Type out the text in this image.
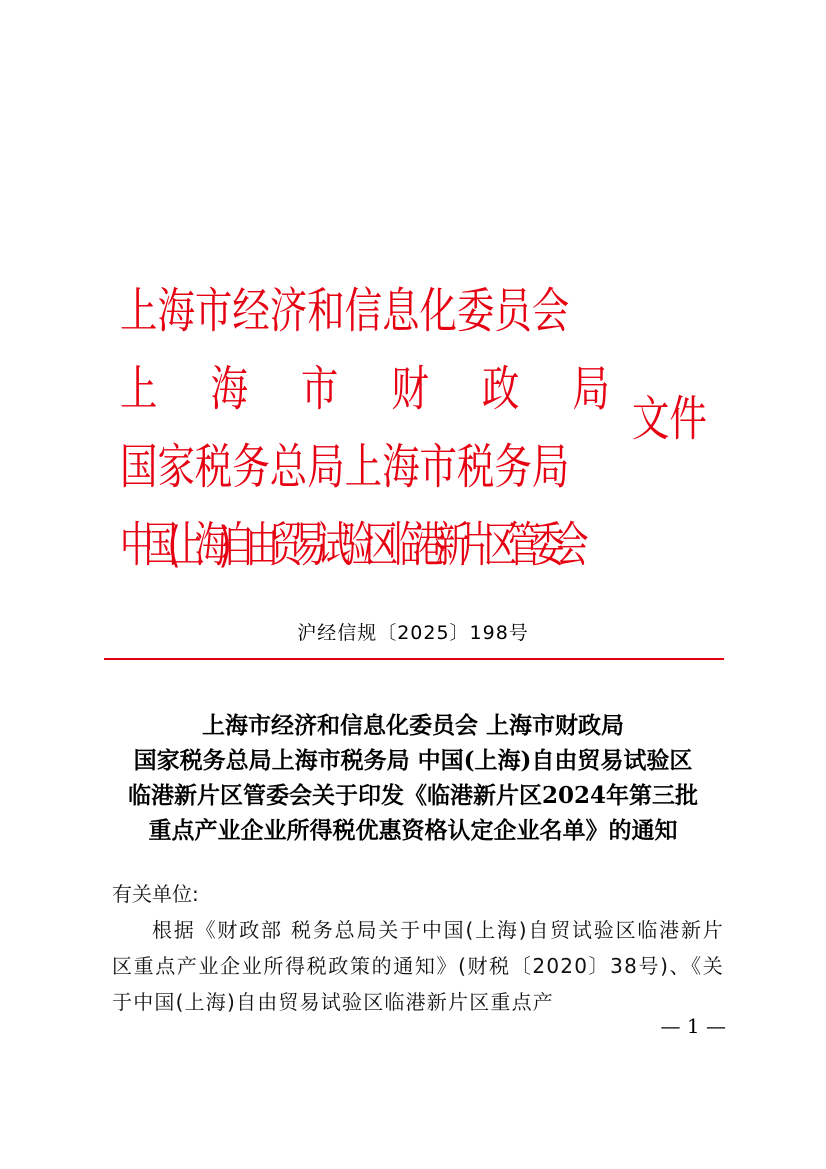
上海市经济和信息化委员会
上 海 市 财 政 局
国家税务总局上海市税务局
中国(上海)自由贸易试验区临港新片区管委会
文件
沪经信规〔2025〕198号
上海市经济和信息化委员会 上海市财政局
国家税务总局上海市税务局 中国(上海)自由贸易试验区
临港新片区管委会关于印发《临港新片区2024年第三批
重点产业企业所得税优惠资格认定企业名单》的通知
有关单位:
根据《财政部 税务总局关于中国(上海)自贸试验区临港新片区重点产业企业所得税政策的通知》(财税〔2020〕38号)、《关于中国(上海)自由贸易试验区临港新片区重点产
— 1 —
